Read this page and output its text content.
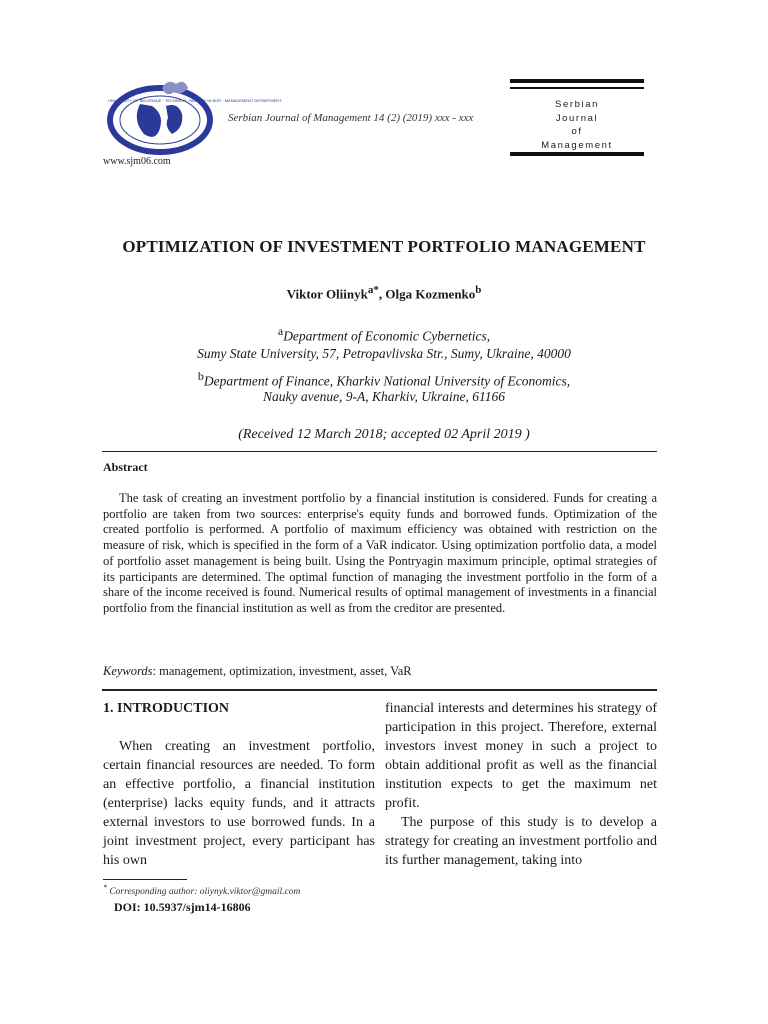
UNIVERSITY OF BELGRADE · TECHNICAL FACULTY IN BOR · MANAGEMENT DEPARTMENT
www.sjm06.com
Serbian Journal of Management 14 (2) (2019) xxx - xxx
Serbian
Journal
of
Management
OPTIMIZATION OF INVESTMENT PORTFOLIO MANAGEMENT
Viktor Oliinyk$^{a*}$, Olga Kozmenko$^b$
$^a$Department of Economic Cybernetics,
Sumy State University, 57, Petropavlivska Str., Sumy, Ukraine, 40000
$^b$Department of Finance, Kharkiv National University of Economics,
Nauky avenue, 9-A, Kharkiv, Ukraine, 61166
(Received 12 March 2018; accepted 02 April 2019 )
Abstract
The task of creating an investment portfolio by a financial institution is considered. Funds for creating a portfolio are taken from two sources: enterprise's equity funds and borrowed funds. Optimization of the created portfolio is performed. A portfolio of maximum efficiency was obtained with restriction on the measure of risk, which is specified in the form of a VaR indicator. Using optimization portfolio data, a model of portfolio asset management is being built. Using the Pontryagin maximum principle, optimal strategies of its participants are determined. The optimal function of managing the investment portfolio in the form of a share of the income received is found. Numerical results of optimal management of investments in a financial portfolio from the financial institution as well as from the creditor are presented.
Keywords: management, optimization, investment, asset, VaR
1. INTRODUCTION

When creating an investment portfolio, certain financial resources are needed. To form an effective portfolio, a financial institution (enterprise) lacks equity funds, and it attracts external investors to use borrowed funds. In a joint investment project, every participant has his own

financial interests and determines his strategy of participation in this project. Therefore, external investors invest money in such a project to obtain additional profit as well as the financial institution expects to get the maximum net profit.

The purpose of this study is to develop a strategy for creating an investment portfolio and its further management, taking into

* Corresponding author: oliynyk.viktor@gmail.com
DOI: 10.5937/sjm14-16806
